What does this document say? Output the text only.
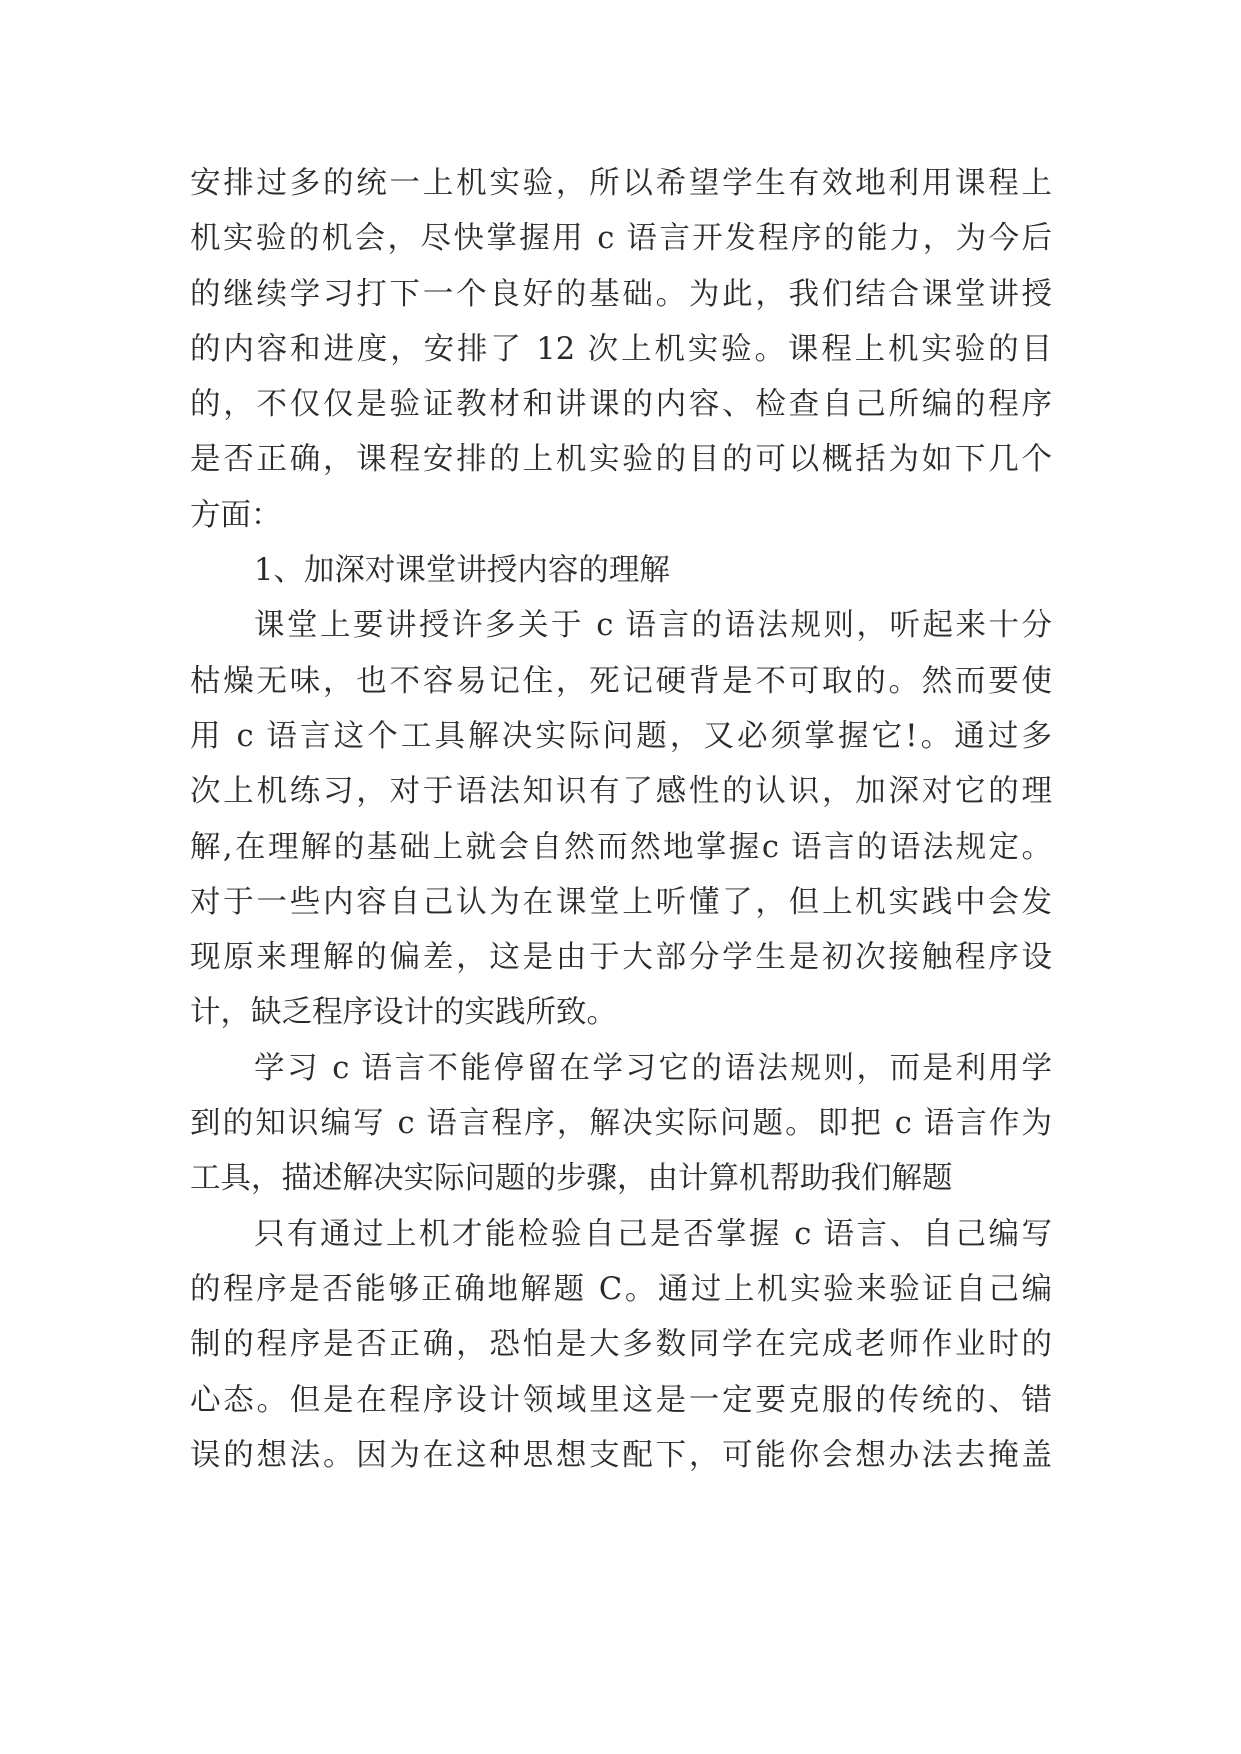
安排过多的统一上机实验，所以希望学生有效地利用课程上
机实验的机会，尽快掌握用 c 语言开发程序的能力，为今后
的继续学习打下一个良好的基础。为此，我们结合课堂讲授
的内容和进度，安排了 12 次上机实验。课程上机实验的目
的，不仅仅是验证教材和讲课的内容、检查自己所编的程序
是否正确，课程安排的上机实验的目的可以概括为如下几个
方面：
1、加深对课堂讲授内容的理解
课堂上要讲授许多关于 c 语言的语法规则，听起来十分
枯燥无味，也不容易记住，死记硬背是不可取的。然而要使
用 c 语言这个工具解决实际问题，又必须掌握它!。通过多
次上机练习，对于语法知识有了感性的认识，加深对它的理
解,在理解的基础上就会自然而然地掌握c 语言的语法规定。
对于一些内容自己认为在课堂上听懂了，但上机实践中会发
现原来理解的偏差，这是由于大部分学生是初次接触程序设
计，缺乏程序设计的实践所致。
学习 c 语言不能停留在学习它的语法规则，而是利用学
到的知识编写 c 语言程序，解决实际问题。即把 c 语言作为
工具，描述解决实际问题的步骤，由计算机帮助我们解题
只有通过上机才能检验自己是否掌握 c 语言、自己编写
的程序是否能够正确地解题 C。通过上机实验来验证自己编
制的程序是否正确，恐怕是大多数同学在完成老师作业时的
心态。但是在程序设计领域里这是一定要克服的传统的、错
误的想法。因为在这种思想支配下，可能你会想办法去掩盖
